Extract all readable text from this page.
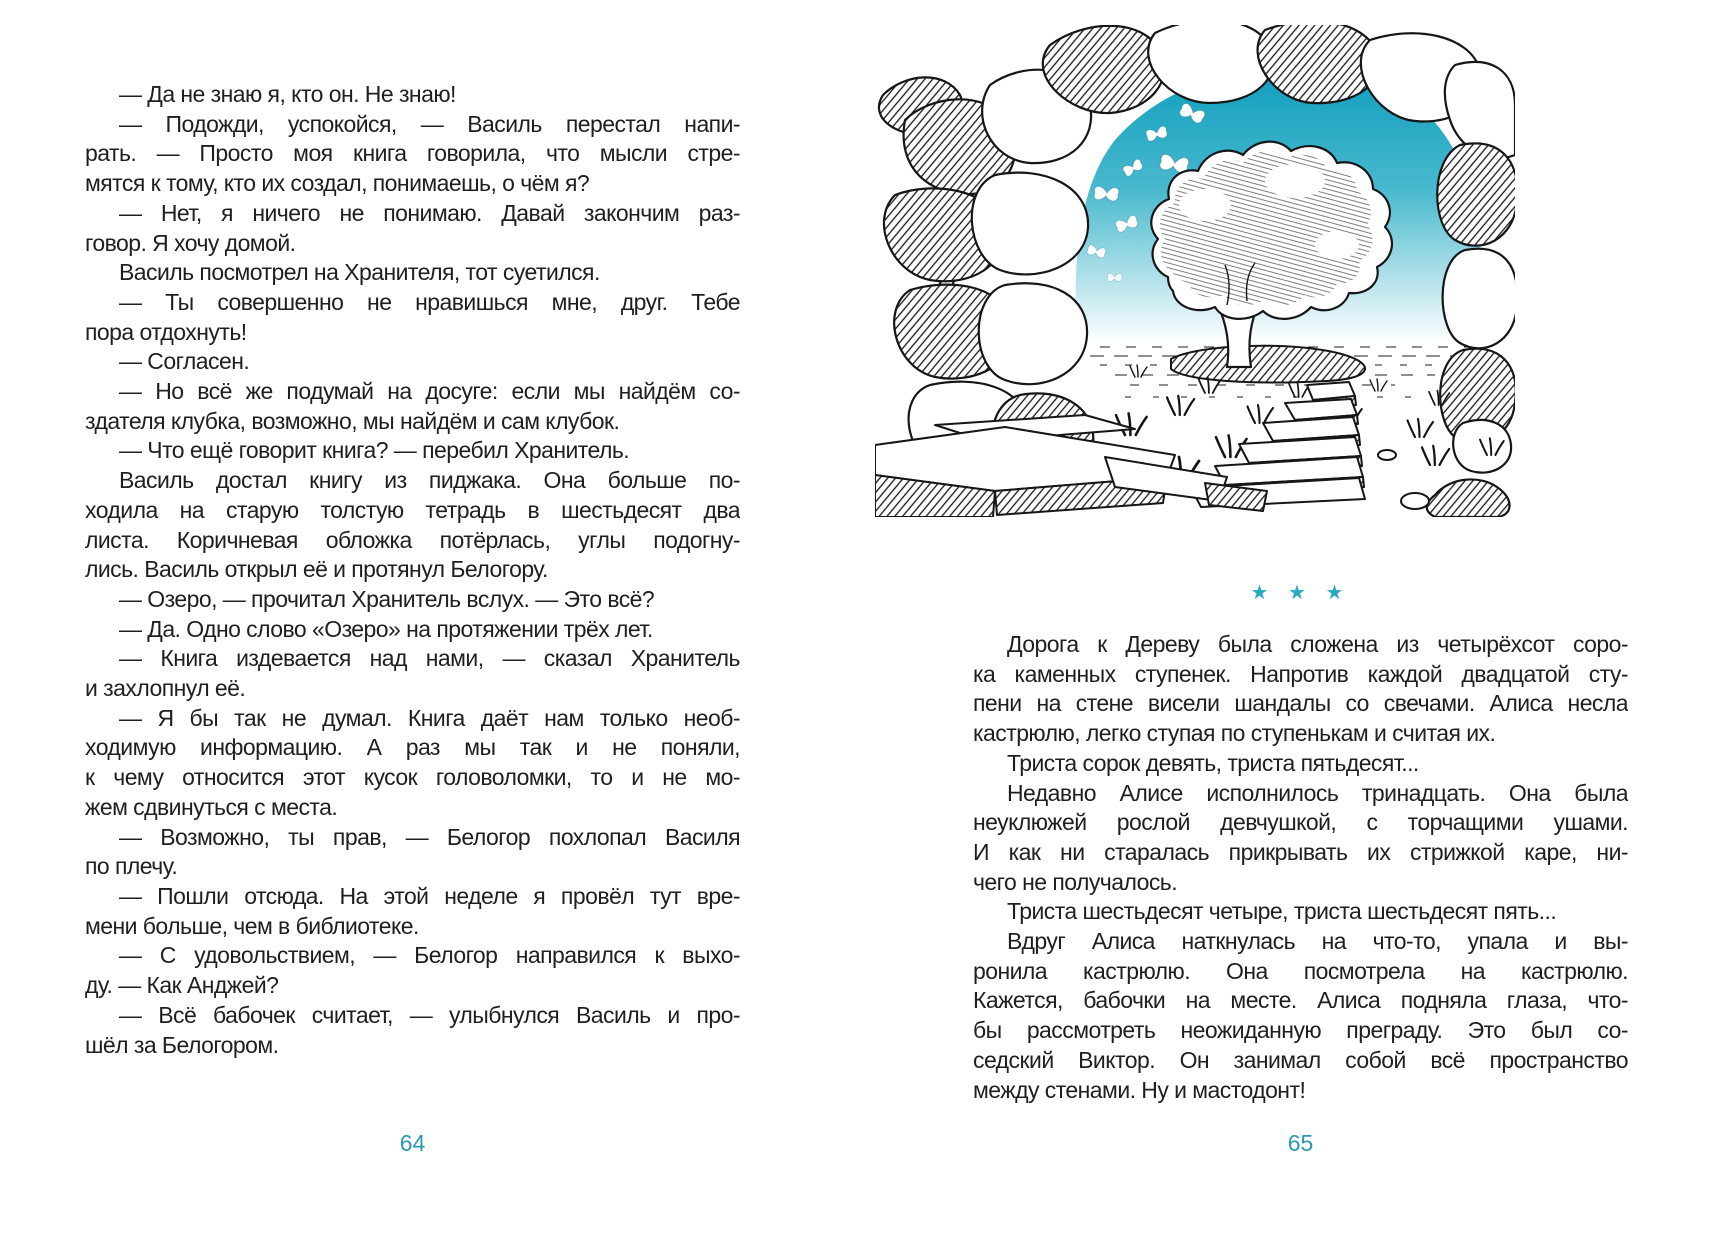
— Да не знаю я, кто он. Не знаю!
— Подожди, успокойся, — Василь перестал напи-
рать. — Просто моя книга говорила, что мысли стре-
мятся к тому, кто их создал, понимаешь, о чём я?
— Нет, я ничего не понимаю. Давай закончим раз-
говор. Я хочу домой.
Василь посмотрел на Хранителя, тот суетился.
— Ты совершенно не нравишься мне, друг. Тебе
пора отдохнуть!
— Согласен.
— Но всё же подумай на досуге: если мы найдём со-
здателя клубка, возможно, мы найдём и сам клубок.
— Что ещё говорит книга? — перебил Хранитель.
Василь достал книгу из пиджака. Она больше по-
ходила на старую толстую тетрадь в шестьдесят два
листа. Коричневая обложка потёрлась, углы подогну-
лись. Василь открыл её и протянул Белогору.
— Озеро, — прочитал Хранитель вслух. — Это всё?
— Да. Одно слово «Озеро» на протяжении трёх лет.
— Книга издевается над нами, — сказал Хранитель
и захлопнул её.
— Я бы так не думал. Книга даёт нам только необ-
ходимую информацию. А раз мы так и не поняли,
к чему относится этот кусок головоломки, то и не мо-
жем сдвинуться с места.
— Возможно, ты прав, — Белогор похлопал Василя
по плечу.
— Пошли отсюда. На этой неделе я провёл тут вре-
мени больше, чем в библиотеке.
— С удовольствием, — Белогор направился к выхо-
ду. — Как Анджей?
— Всё бабочек считает, — улыбнулся Василь и про-
шёл за Белогором.
64
★ ★ ★
Дорога к Дереву была сложена из четырёхсот соро-
ка каменных ступенек. Напротив каждой двадцатой сту-
пени на стене висели шандалы со свечами. Алиса несла
кастрюлю, легко ступая по ступенькам и считая их.
Триста сорок девять, триста пятьдесят...
Недавно Алисе исполнилось тринадцать. Она была
неуклюжей рослой девчушкой, с торчащими ушами.
И как ни старалась прикрывать их стрижкой каре, ни-
чего не получалось.
Триста шестьдесят четыре, триста шестьдесят пять...
Вдруг Алиса наткнулась на что-то, упала и вы-
ронила кастрюлю. Она посмотрела на кастрюлю.
Кажется, бабочки на месте. Алиса подняла глаза, что-
бы рассмотреть неожиданную преграду. Это был со-
седский Виктор. Он занимал собой всё пространство
между стенами. Ну и мастодонт!
65
